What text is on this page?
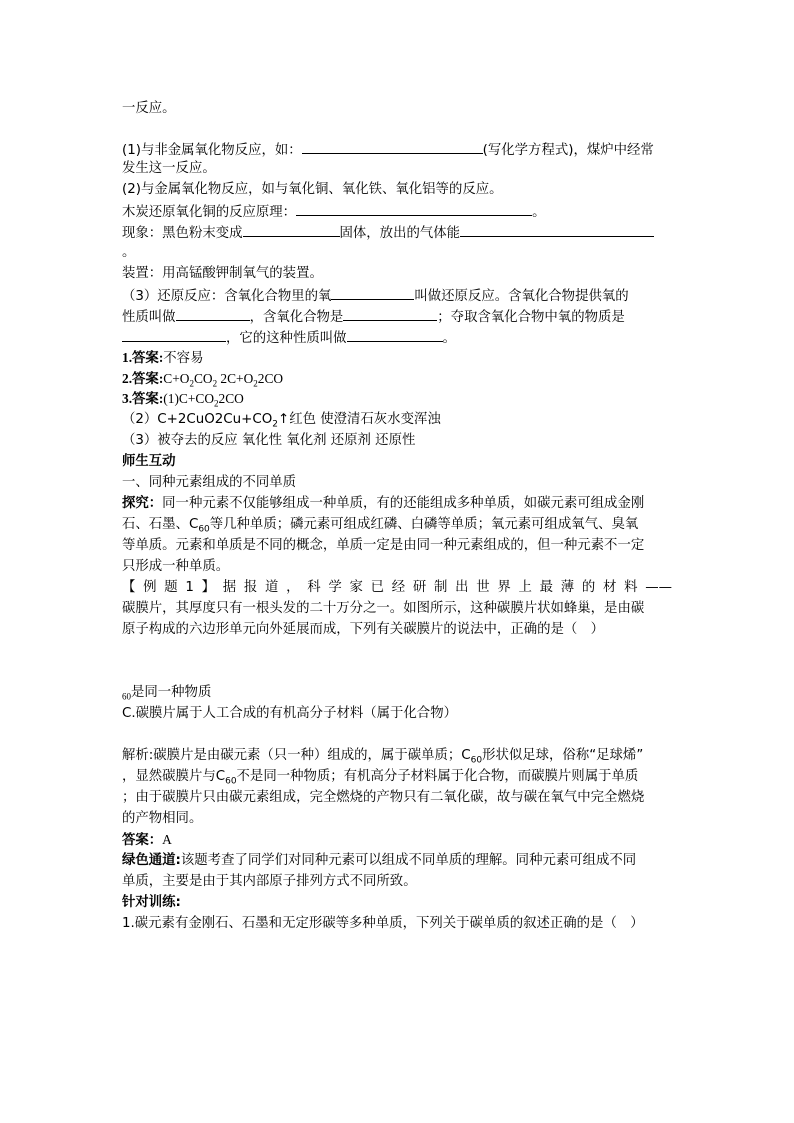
一反应。
(1)与非金属氧化物反应，如：	(写化学方程式)，煤炉中经常
发生这一反应。
(2)与金属氧化物反应，如与氧化铜、氧化铁、氧化铝等的反应。
木炭还原氧化铜的反应原理：	。
现象：黑色粉末变成	固体，放出的气体能
。
装置：用高锰酸钾制氧气的装置。
（3）还原反应：含氧化合物里的氧	叫做还原反应。含氧化合物提供氧的
性质叫做	，含氧化合物是	；夺取含氧化合物中氧的物质是
，它的这种性质叫做	。
1.答案:不容易
2.答案$:C+O_2CO_2$ $2C+O_22CO$
3.答案$:(1)C+CO_22CO$
$(2)C+2CuO2Cu+CO_2↑$红色 使澄清石灰水变浑浊
（3）被夺去的反应 氧化性 氧化剂 还原剂 还原性
师生互动
一、同种元素组成的不同单质
探究：同一种元素不仅能够组成一种单质，有的还能组成多种单质，如碳元素可组成金刚
石、石墨、$C_{60}$等几种单质；磷元素可组成红磷、白磷等单质；氧元素可组成氧气、臭氧
等单质。元素和单质是不同的概念，单质一定是由同一种元素组成的，但一种元素不一定
只形成一种单质。
【例题1】据报道，科学家已经研制出世界上最薄的材料——
碳膜片，其厚度只有一根头发的二十万分之一。如图所示，这种碳膜片状如蜂巢，是由碳
原子构成的六边形单元向外延展而成，下列有关碳膜片的说法中，正确的是（　）
$_{60}$是同一种物质
C.碳膜片属于人工合成的有机高分子材料（属于化合物）
解析:碳膜片是由碳元素（只一种）组成的，属于碳单质；$C_{60}$形状似足球，俗称“足球烯”
，显然碳膜片与$C_{60}$不是同一种物质；有机高分子材料属于化合物，而碳膜片则属于单质
；由于碳膜片只由碳元素组成，完全燃烧的产物只有二氧化碳，故与碳在氧气中完全燃烧
的产物相同。
答案：A
绿色通道:该题考查了同学们对同种元素可以组成不同单质的理解。同种元素可组成不同
单质，主要是由于其内部原子排列方式不同所致。
针对训练:
1.碳元素有金刚石、石墨和无定形碳等多种单质，下列关于碳单质的叙述正确的是（　）
